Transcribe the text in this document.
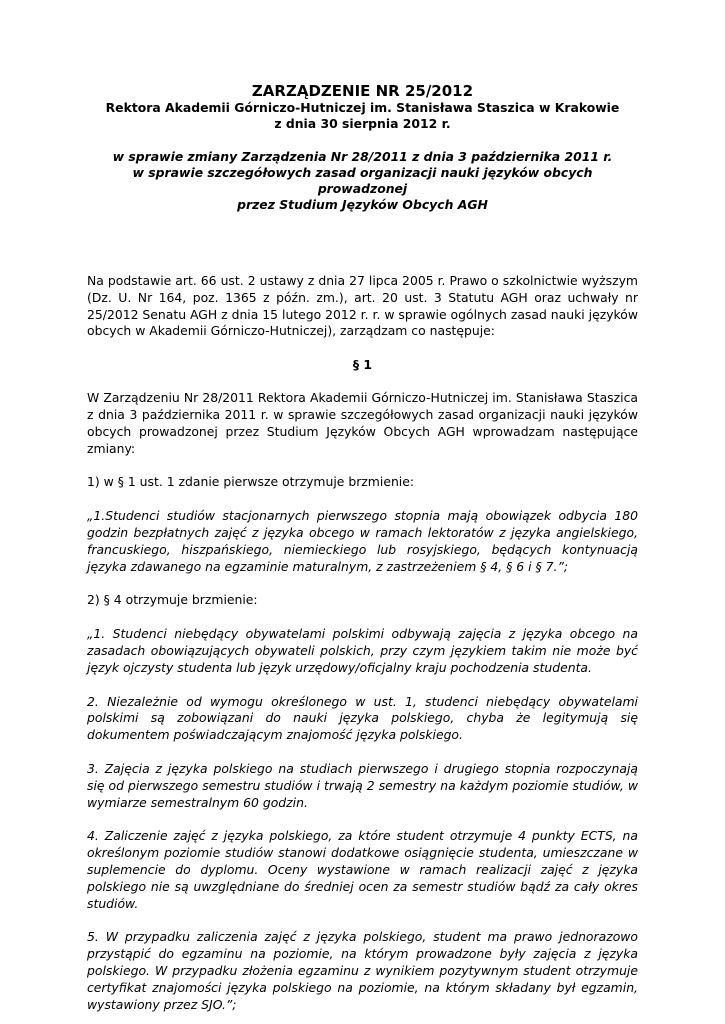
ZARZĄDZENIE NR 25/2012

Rektora Akademii Górniczo-Hutniczej im. Stanisława Staszica w Krakowie

z dnia 30 sierpnia 2012 r.

w sprawie zmiany Zarządzenia Nr 28/2011 z dnia 3 października 2011 r.

w sprawie szczegółowych zasad organizacji nauki języków obcych prowadzonej

przez Studium Języków Obcych AGH

Na podstawie art. 66 ust. 2 ustawy z dnia 27 lipca 2005 r. Prawo o szkolnictwie wyższym (Dz. U. Nr 164, poz. 1365 z późn. zm.), art. 20 ust. 3 Statutu AGH oraz uchwały nr 25/2012 Senatu AGH z dnia 15 lutego 2012 r. r. w sprawie ogólnych zasad nauki języków obcych w Akademii Górniczo-Hutniczej), zarządzam co następuje:

§ 1

W Zarządzeniu Nr 28/2011 Rektora Akademii Górniczo-Hutniczej im. Stanisława Staszica z dnia 3 października 2011 r. w sprawie szczegółowych zasad organizacji nauki języków obcych prowadzonej przez Studium Języków Obcych AGH wprowadzam następujące zmiany:

1) w § 1 ust. 1 zdanie pierwsze otrzymuje brzmienie:

„1.Studenci studiów stacjonarnych pierwszego stopnia mają obowiązek odbycia 180 godzin bezpłatnych zajęć z języka obcego w ramach lektoratów z języka angielskiego, francuskiego, hiszpańskiego, niemieckiego lub rosyjskiego, będących kontynuacją języka zdawanego na egzaminie maturalnym, z zastrzeżeniem § 4, § 6 i § 7.”;

2) § 4 otrzymuje brzmienie:

„1. Studenci niebędący obywatelami polskimi odbywają zajęcia z języka obcego na zasadach obowiązujących obywateli polskich, przy czym językiem takim nie może być język ojczysty studenta lub język urzędowy/oficjalny kraju pochodzenia studenta.

2. Niezależnie od wymogu określonego w ust. 1, studenci niebędący obywatelami polskimi są zobowiązani do nauki języka polskiego, chyba że legitymują się dokumentem poświadczającym znajomość języka polskiego.

3. Zajęcia z języka polskiego na studiach pierwszego i drugiego stopnia rozpoczynają się od pierwszego semestru studiów i trwają 2 semestry na każdym poziomie studiów, w wymiarze semestralnym 60 godzin.

4. Zaliczenie zajęć z języka polskiego, za które student otrzymuje 4 punkty ECTS, na określonym poziomie studiów stanowi dodatkowe osiągnięcie studenta, umieszczane w suplemencie do dyplomu. Oceny wystawione w ramach realizacji zajęć z języka polskiego nie są uwzględniane do średniej ocen za semestr studiów bądź za cały okres studiów.

5. W przypadku zaliczenia zajęć z języka polskiego, student ma prawo jednorazowo przystąpić do egzaminu na poziomie, na którym prowadzone były zajęcia z języka polskiego. W przypadku złożenia egzaminu z wynikiem pozytywnym student otrzymuje certyfikat znajomości języka polskiego na poziomie, na którym składany był egzamin, wystawiony przez SJO.”;
